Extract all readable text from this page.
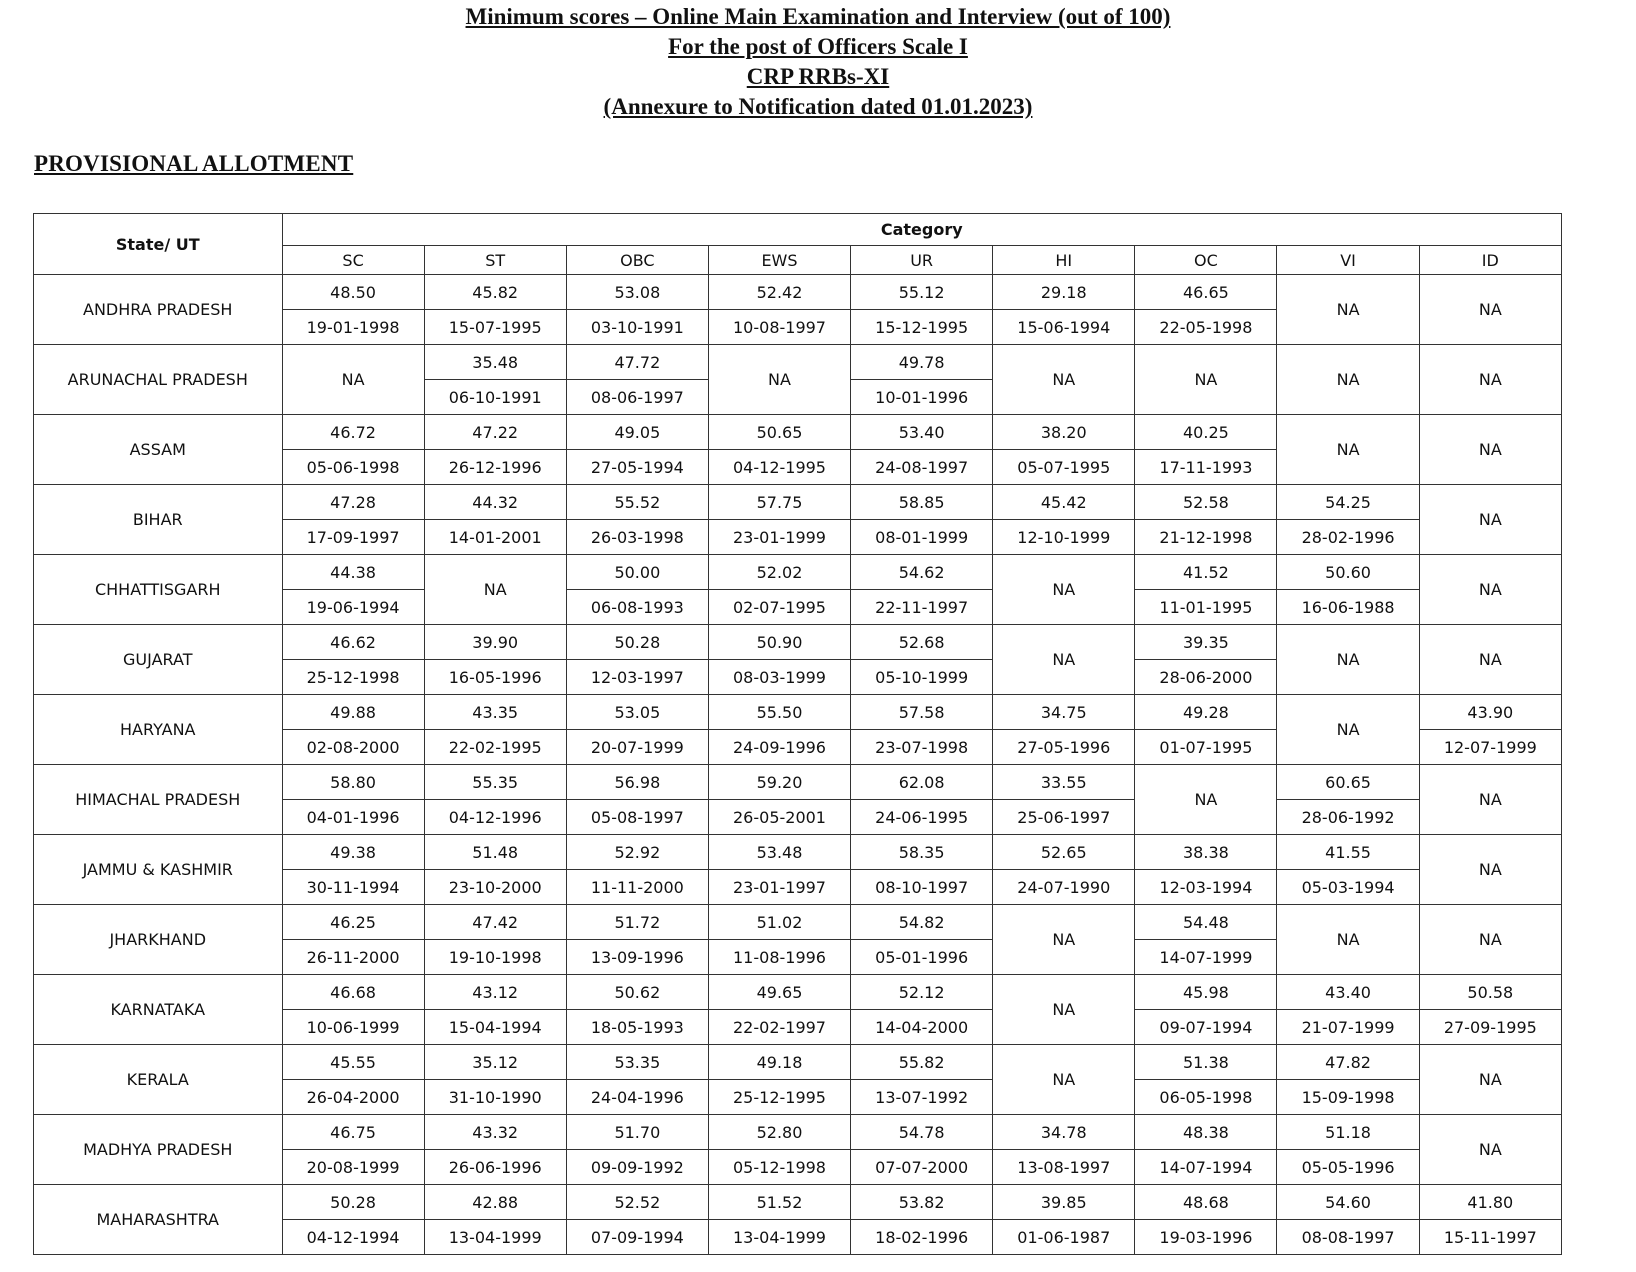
Minimum scores – Online Main Examination and Interview (out of 100)
For the post of Officers Scale I
CRP RRBs-XI
(Annexure to Notification dated 01.01.2023)
PROVISIONAL ALLOTMENT
State/ UT	Category								
	SC	ST	OBC	EWS	UR	HI	OC	VI	ID
ANDHRA PRADESH	48.50	45.82	53.08	52.42	55.12	29.18	46.65	NA	NA
	19-01-1998	15-07-1995	03-10-1991	10-08-1997	15-12-1995	15-06-1994	22-05-1998		
ARUNACHAL PRADESH	NA	35.48	47.72	NA	49.78	NA	NA	NA	NA
		06-10-1991	08-06-1997		10-01-1996				
ASSAM	46.72	47.22	49.05	50.65	53.40	38.20	40.25	NA	NA
	05-06-1998	26-12-1996	27-05-1994	04-12-1995	24-08-1997	05-07-1995	17-11-1993		
BIHAR	47.28	44.32	55.52	57.75	58.85	45.42	52.58	54.25	NA
	17-09-1997	14-01-2001	26-03-1998	23-01-1999	08-01-1999	12-10-1999	21-12-1998	28-02-1996	
CHHATTISGARH	44.38	NA	50.00	52.02	54.62	NA	41.52	50.60	NA
	19-06-1994		06-08-1993	02-07-1995	22-11-1997		11-01-1995	16-06-1988	
GUJARAT	46.62	39.90	50.28	50.90	52.68	NA	39.35	NA	NA
	25-12-1998	16-05-1996	12-03-1997	08-03-1999	05-10-1999		28-06-2000		
HARYANA	49.88	43.35	53.05	55.50	57.58	34.75	49.28	NA	43.90
	02-08-2000	22-02-1995	20-07-1999	24-09-1996	23-07-1998	27-05-1996	01-07-1995		12-07-1999
HIMACHAL PRADESH	58.80	55.35	56.98	59.20	62.08	33.55	NA	60.65	NA
	04-01-1996	04-12-1996	05-08-1997	26-05-2001	24-06-1995	25-06-1997		28-06-1992	
JAMMU & KASHMIR	49.38	51.48	52.92	53.48	58.35	52.65	38.38	41.55	NA
	30-11-1994	23-10-2000	11-11-2000	23-01-1997	08-10-1997	24-07-1990	12-03-1994	05-03-1994	
JHARKHAND	46.25	47.42	51.72	51.02	54.82	NA	54.48	NA	NA
	26-11-2000	19-10-1998	13-09-1996	11-08-1996	05-01-1996		14-07-1999		
KARNATAKA	46.68	43.12	50.62	49.65	52.12	NA	45.98	43.40	50.58
	10-06-1999	15-04-1994	18-05-1993	22-02-1997	14-04-2000		09-07-1994	21-07-1999	27-09-1995
KERALA	45.55	35.12	53.35	49.18	55.82	NA	51.38	47.82	NA
	26-04-2000	31-10-1990	24-04-1996	25-12-1995	13-07-1992		06-05-1998	15-09-1998	
MADHYA PRADESH	46.75	43.32	51.70	52.80	54.78	34.78	48.38	51.18	NA
	20-08-1999	26-06-1996	09-09-1992	05-12-1998	07-07-2000	13-08-1997	14-07-1994	05-05-1996	
MAHARASHTRA	50.28	42.88	52.52	51.52	53.82	39.85	48.68	54.60	41.80
	04-12-1994	13-04-1999	07-09-1994	13-04-1999	18-02-1996	01-06-1987	19-03-1996	08-08-1997	15-11-1997
